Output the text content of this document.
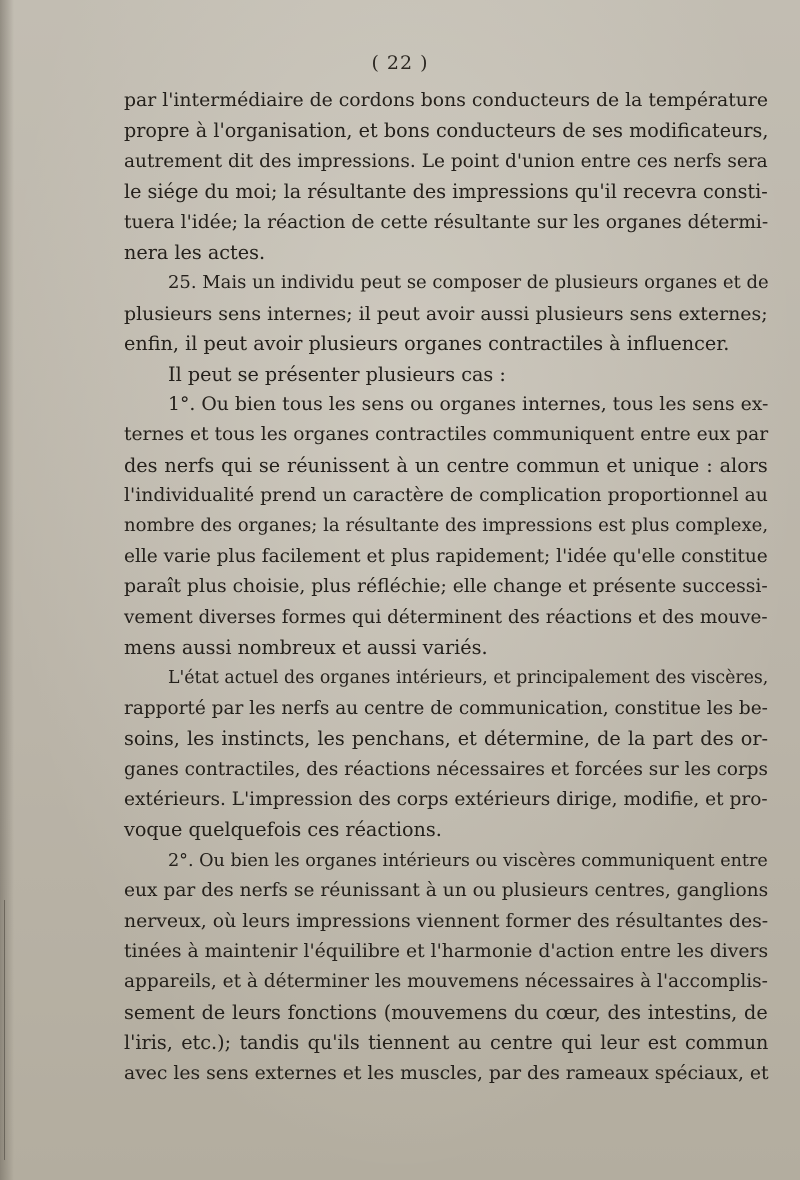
( 22 )
par l'intermédiaire de cordons bons conducteurs de la température
propre à l'organisation, et bons conducteurs de ses modificateurs,
autrement dit des impressions. Le point d'union entre ces nerfs sera
le siége du moi; la résultante des impressions qu'il recevra consti-
tuera l'idée; la réaction de cette résultante sur les organes détermi-
nera les actes.
25. Mais un individu peut se composer de plusieurs organes et de
plusieurs sens internes; il peut avoir aussi plusieurs sens externes;
enfin, il peut avoir plusieurs organes contractiles à influencer.
Il peut se présenter plusieurs cas :
1°. Ou bien tous les sens ou organes internes, tous les sens ex-
ternes et tous les organes contractiles communiquent entre eux par
des nerfs qui se réunissent à un centre commun et unique : alors
l'individualité prend un caractère de complication proportionnel au
nombre des organes; la résultante des impressions est plus complexe,
elle varie plus facilement et plus rapidement; l'idée qu'elle constitue
paraît plus choisie, plus réfléchie; elle change et présente successi-
vement diverses formes qui déterminent des réactions et des mouve-
mens aussi nombreux et aussi variés.
L'état actuel des organes intérieurs, et principalement des viscères,
rapporté par les nerfs au centre de communication, constitue les be-
soins, les instincts, les penchans, et détermine, de la part des or-
ganes contractiles, des réactions nécessaires et forcées sur les corps
extérieurs. L'impression des corps extérieurs dirige, modifie, et pro-
voque quelquefois ces réactions.
2°. Ou bien les organes intérieurs ou viscères communiquent entre
eux par des nerfs se réunissant à un ou plusieurs centres, ganglions
nerveux, où leurs impressions viennent former des résultantes des-
tinées à maintenir l'équilibre et l'harmonie d'action entre les divers
appareils, et à déterminer les mouvemens nécessaires à l'accomplis-
sement de leurs fonctions (mouvemens du cœur, des intestins, de
l'iris, etc.); tandis qu'ils tiennent au centre qui leur est commun
avec les sens externes et les muscles, par des rameaux spéciaux, et
